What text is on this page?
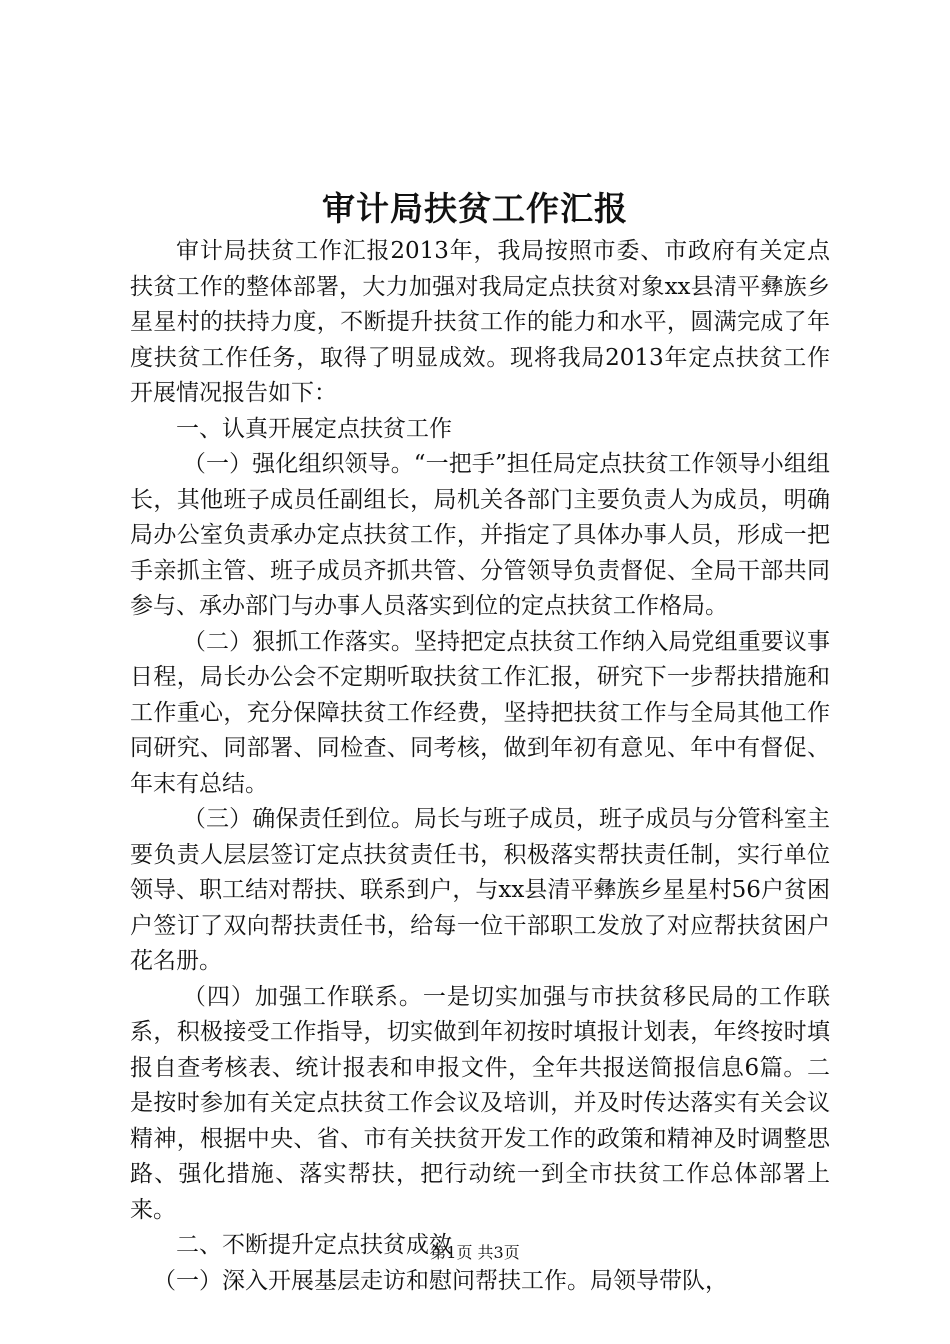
审计局扶贫工作汇报

审计局扶贫工作汇报2013年，我局按照市委、市政府有关定点扶贫工作的整体部署，大力加强对我局定点扶贫对象xx县清平彝族乡星星村的扶持力度，不断提升扶贫工作的能力和水平，圆满完成了年度扶贫工作任务，取得了明显成效。现将我局2013年定点扶贫工作开展情况报告如下：

一、认真开展定点扶贫工作

（一）强化组织领导。“一把手”担任局定点扶贫工作领导小组组长，其他班子成员任副组长，局机关各部门主要负责人为成员，明确局办公室负责承办定点扶贫工作，并指定了具体办事人员，形成一把手亲抓主管、班子成员齐抓共管、分管领导负责督促、全局干部共同参与、承办部门与办事人员落实到位的定点扶贫工作格局。

（二）狠抓工作落实。坚持把定点扶贫工作纳入局党组重要议事日程，局长办公会不定期听取扶贫工作汇报，研究下一步帮扶措施和工作重心，充分保障扶贫工作经费，坚持把扶贫工作与全局其他工作同研究、同部署、同检查、同考核，做到年初有意见、年中有督促、年末有总结。

（三）确保责任到位。局长与班子成员，班子成员与分管科室主要负责人层层签订定点扶贫责任书，积极落实帮扶责任制，实行单位领导、职工结对帮扶、联系到户，与xx县清平彝族乡星星村56户贫困户签订了双向帮扶责任书，给每一位干部职工发放了对应帮扶贫困户花名册。

（四）加强工作联系。一是切实加强与市扶贫移民局的工作联系，积极接受工作指导，切实做到年初按时填报计划表，年终按时填报自查考核表、统计报表和申报文件，全年共报送简报信息6篇。二是按时参加有关定点扶贫工作会议及培训，并及时传达落实有关会议精神，根据中央、省、市有关扶贫开发工作的政策和精神及时调整思路、强化措施、落实帮扶，把行动统一到全市扶贫工作总体部署上来。

二、不断提升定点扶贫成效

（一）深入开展基层走访和慰问帮扶工作。局领导带队，

第1页 共3页
